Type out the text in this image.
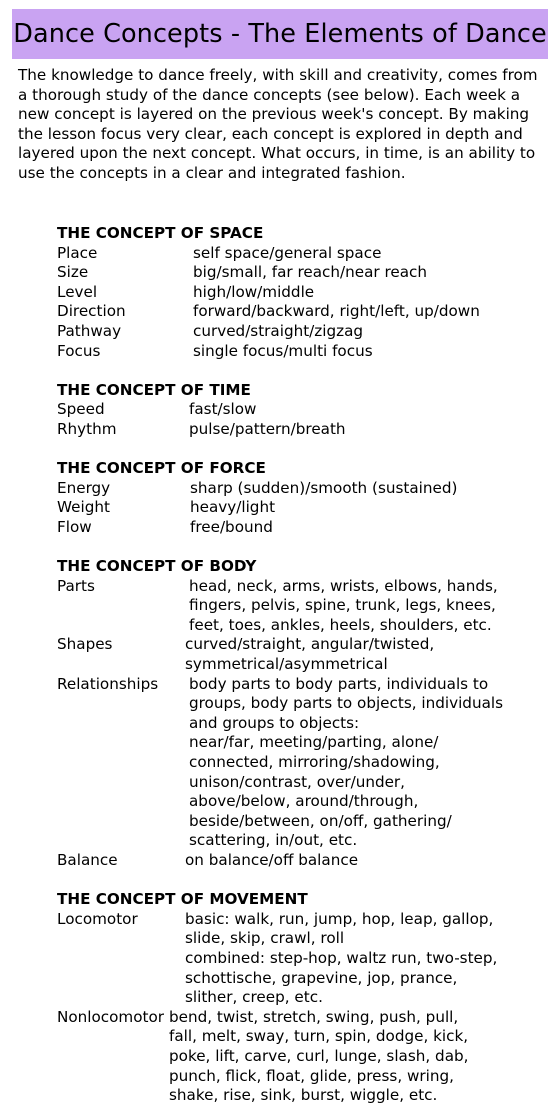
Dance Concepts - The Elements of Dance

The knowledge to dance freely, with skill and creativity, comes from a thorough study of the dance concepts (see below). Each week a new concept is layered on the previous week's concept. By making the lesson focus very clear, each concept is explored in depth and layered upon the next concept. What occurs, in time, is an ability to use the concepts in a clear and integrated fashion.

THE CONCEPT OF SPACE
Place	self space/general space
Size	big/small, far reach/near reach
Level	high/low/middle
Direction	forward/backward, right/left, up/down
Pathway	curved/straight/zigzag
Focus	single focus/multi focus
THE CONCEPT OF TIME
Speed	fast/slow
Rhythm	pulse/pattern/breath
THE CONCEPT OF FORCE
Energy	sharp (sudden)/smooth (sustained)
Weight	heavy/light
Flow	free/bound
THE CONCEPT OF BODY
Parts	head, neck, arms, wrists, elbows, hands,
fingers, pelvis, spine, trunk, legs, knees,
feet, toes, ankles, heels, shoulders, etc.
Shapes	curved/straight, angular/twisted,
symmetrical/asymmetrical
Relationships	body parts to body parts, individuals to
groups, body parts to objects, individuals
and groups to objects:
near/far, meeting/parting, alone/
connected, mirroring/shadowing,
unison/contrast, over/under,
above/below, around/through,
beside/between, on/off, gathering/
scattering, in/out, etc.
Balance	on balance/off balance
THE CONCEPT OF MOVEMENT
Locomotor	basic: walk, run, jump, hop, leap, gallop,
slide, skip, crawl, roll
combined: step-hop, waltz run, two-step,
schottische, grapevine, jop, prance,
slither, creep, etc.
Nonlocomotor bend, twist, stretch, swing, push, pull,
fall, melt, sway, turn, spin, dodge, kick,
poke, lift, carve, curl, lunge, slash, dab,
punch, flick, float, glide, press, wring,
shake, rise, sink, burst, wiggle, etc.
